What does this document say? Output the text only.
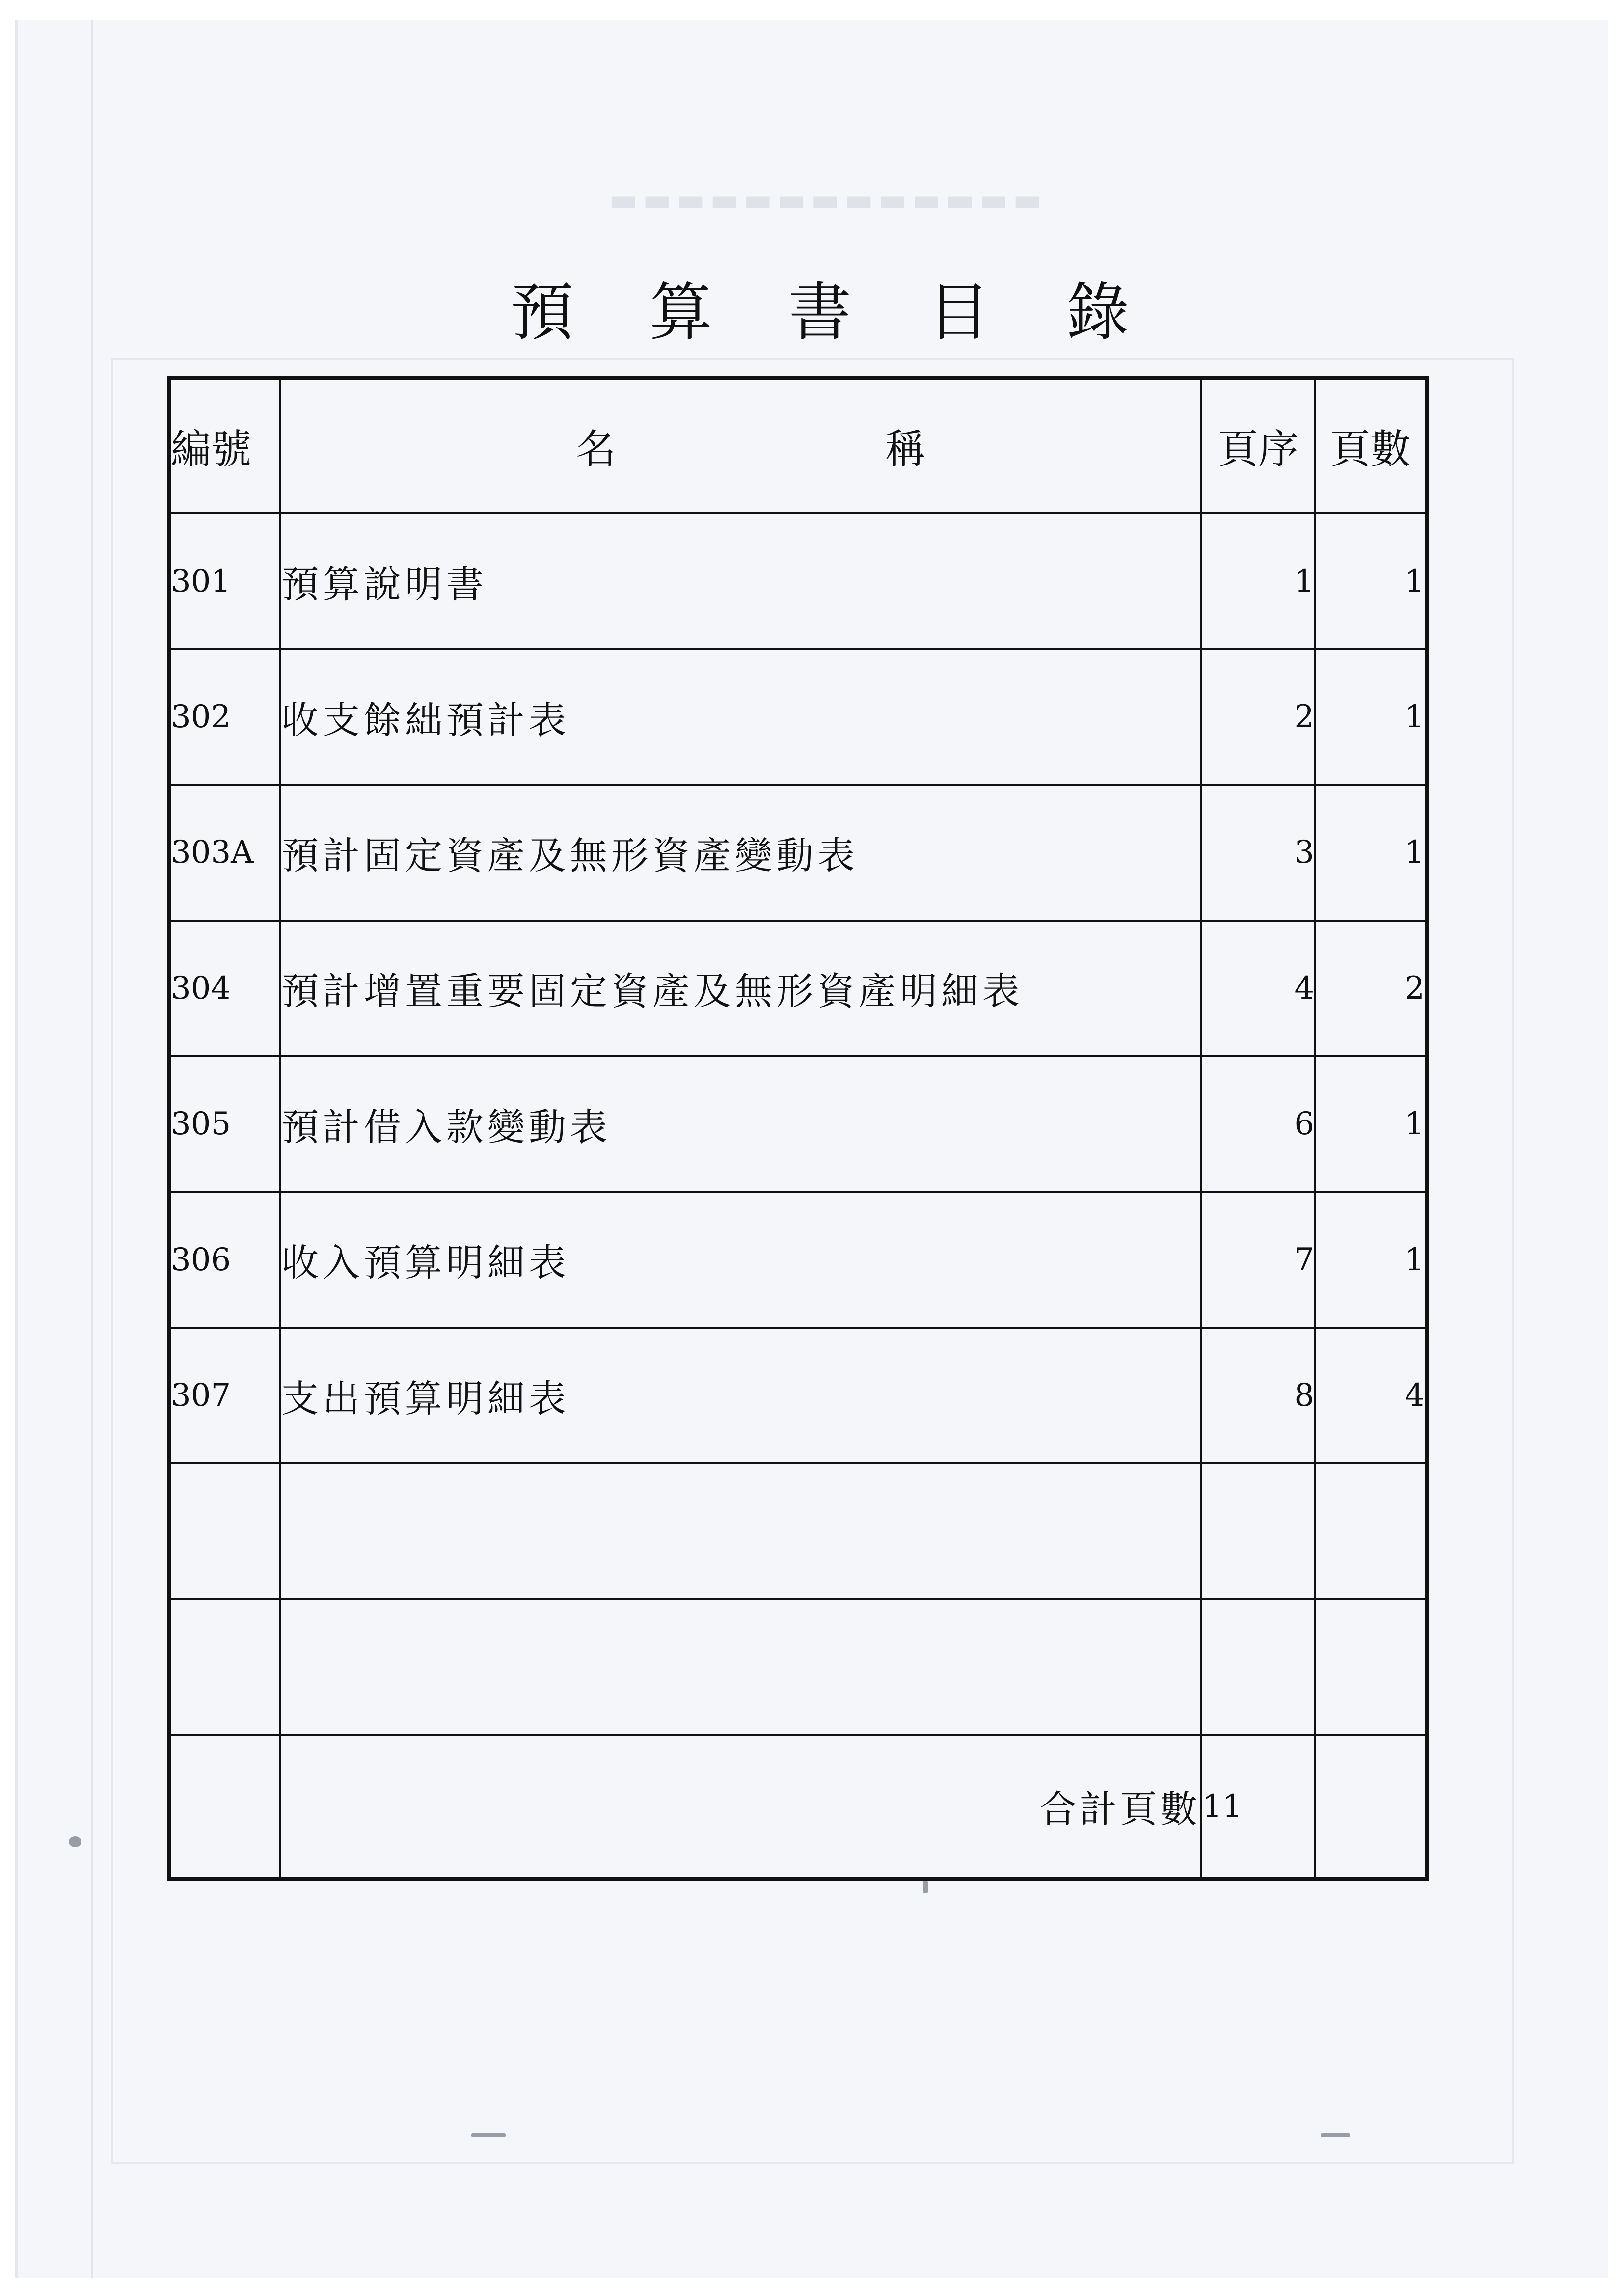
▬▬▬▬▬▬▬▬▬▬▬▬▬
預 算 書 目 錄
編號	名 稱	頁序	頁數
301	預算說明書	1	1
302	收支餘絀預計表	2	1
303A	預計固定資產及無形資產變動表	3	1
304	預計增置重要固定資產及無形資產明細表	4	2
305	預計借入款變動表	6	1
306	收入預算明細表	7	1
307	支出預算明細表	8	4

	合計頁數	11	
